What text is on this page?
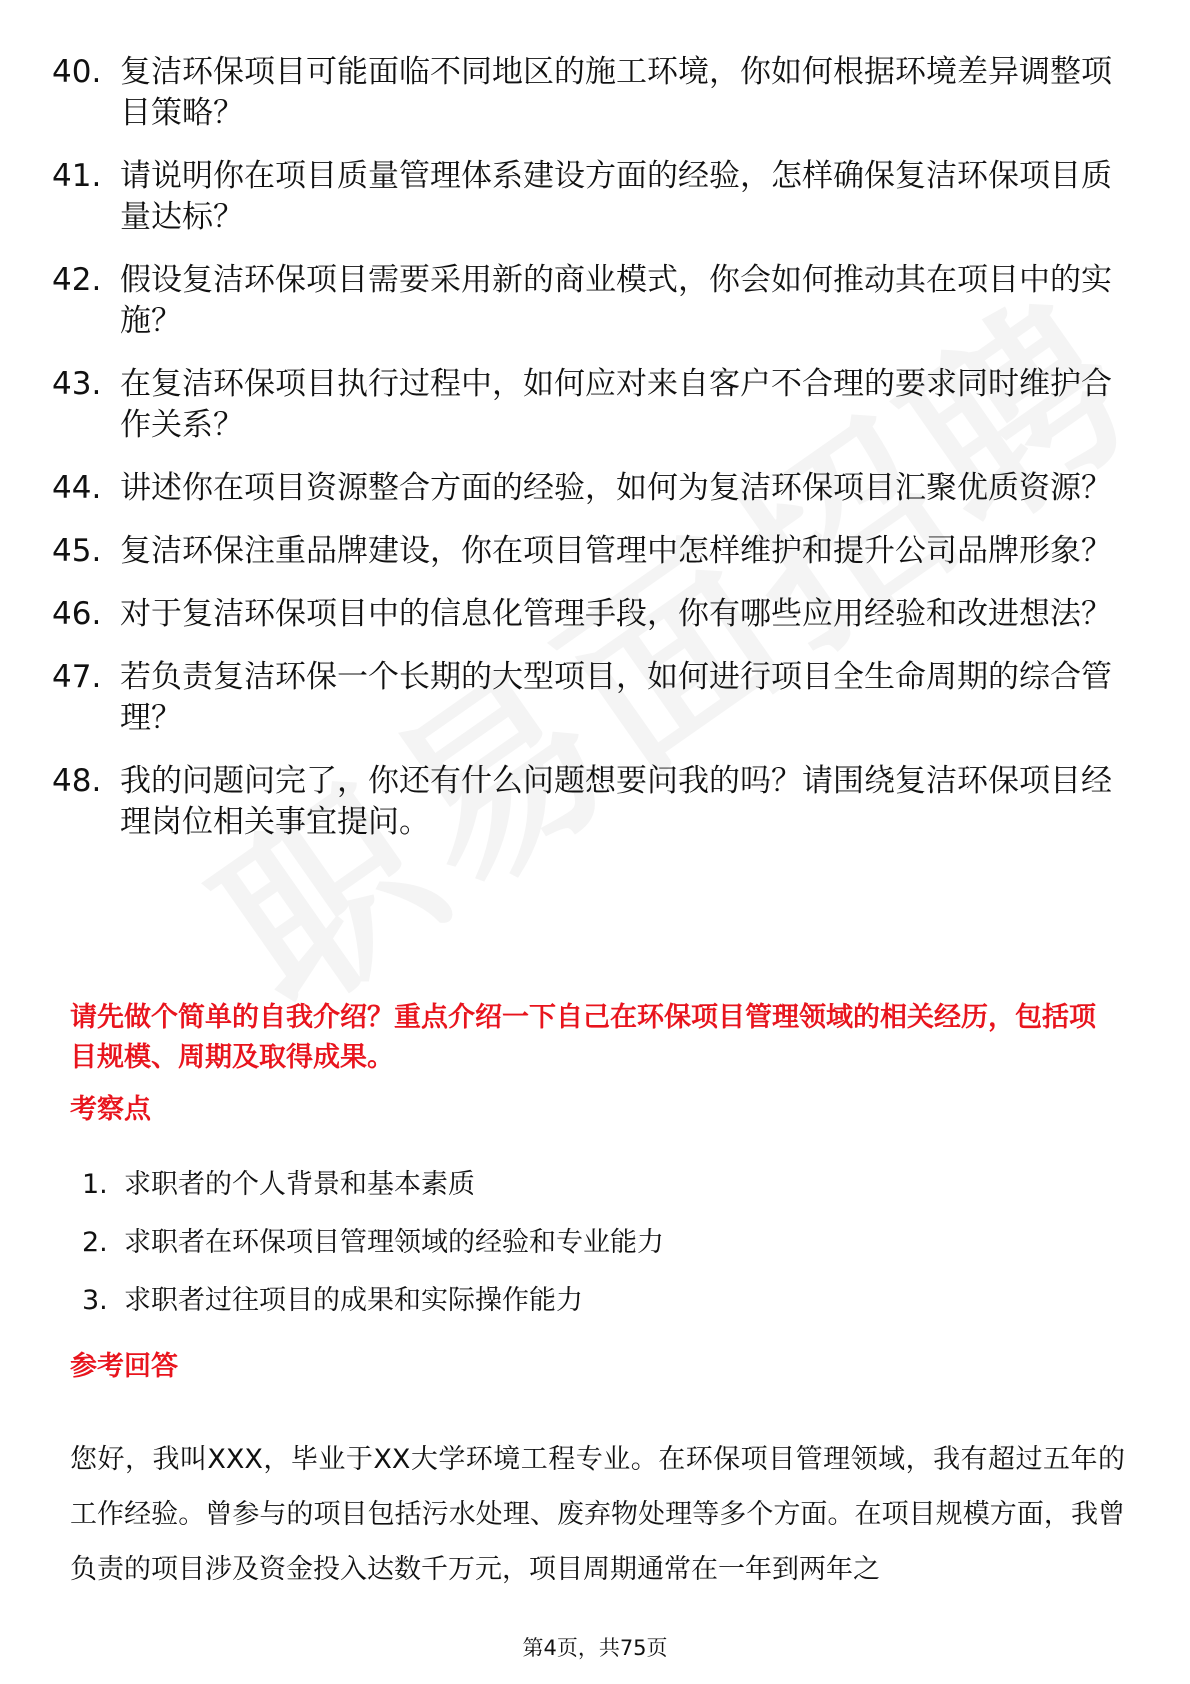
40. 复洁环保项目可能面临不同地区的施工环境，你如何根据环境差异调整项目策略？
41. 请说明你在项目质量管理体系建设方面的经验，怎样确保复洁环保项目质量达标？
42. 假设复洁环保项目需要采用新的商业模式，你会如何推动其在项目中的实施？
43. 在复洁环保项目执行过程中，如何应对来自客户不合理的要求同时维护合作关系？
44. 讲述你在项目资源整合方面的经验，如何为复洁环保项目汇聚优质资源？
45. 复洁环保注重品牌建设，你在项目管理中怎样维护和提升公司品牌形象？
46. 对于复洁环保项目中的信息化管理手段，你有哪些应用经验和改进想法？
47. 若负责复洁环保一个长期的大型项目，如何进行项目全生命周期的综合管理？
48. 我的问题问完了，你还有什么问题想要问我的吗？请围绕复洁环保项目经理岗位相关事宜提问。
请先做个简单的自我介绍？重点介绍一下自己在环保项目管理领域的相关经历，包括项目规模、周期及取得成果。
考察点
1. 求职者的个人背景和基本素质
2. 求职者在环保项目管理领域的经验和专业能力
3. 求职者过往项目的成果和实际操作能力
参考回答
您好，我叫XXX，毕业于XX大学环境工程专业。在环保项目管理领域，我有超过五年的工作经验。曾参与的项目包括污水处理、废弃物处理等多个方面。在项目规模方面，我曾负责的项目涉及资金投入达数千万元，项目周期通常在一年到两年之
第4页，共75页
